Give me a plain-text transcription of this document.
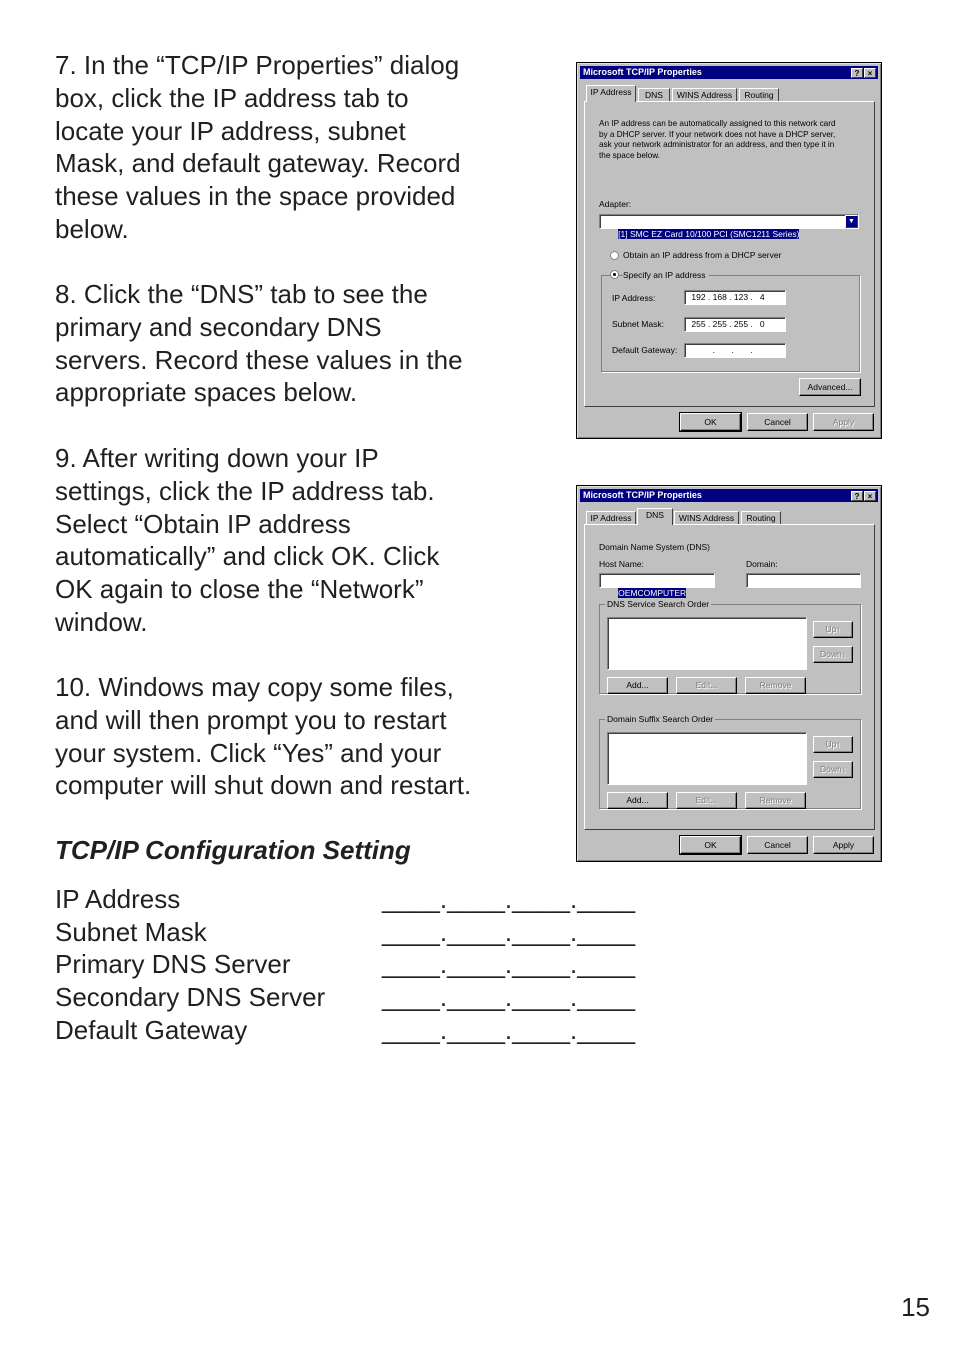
7. In the “TCP/IP Properties” dialog
box, click the IP address tab to
locate your IP address, subnet
Mask, and default gateway. Record
these values in the space provided
below.

8. Click the “DNS” tab to see the
primary and secondary DNS
servers. Record these values in the
appropriate spaces below.

9. After writing down your IP
settings, click the IP address tab.
Select “Obtain IP address
automatically” and click OK. Click
OK again to close the “Network”
window.

10. Windows may copy some files,
and will then prompt you to restart
your system. Click “Yes” and your
computer will shut down and restart.

TCP/IP Configuration Setting
IP Address	____.____.____.____
Subnet Mask	____.____.____.____
Primary DNS Server	____.____.____.____
Secondary DNS Server ____.____.____.____
Default Gateway	____.____.____.____
15
Microsoft TCP/IP Properties	?	×
IP Address	DNS	WINS Address	Routing
An IP address can be automatically assigned to this network card
by a DHCP server. If your network does not have a DHCP server,
ask your network administrator for an address, and then type it in
the space below.
Adapter:

[1] SMC EZ Card 10/100 PCI (SMC1211 Series)

▼

Obtain an IP address from a DHCP server
Specify an IP address
IP Address:	192 . 168 . 123 .   4
Subnet Mask:	255 . 255 . 255 .   0
Default Gateway:	.       .       .
Advanced...
OK	Cancel	Apply
Microsoft TCP/IP Properties	?	×
IP Address	DNS	WINS Address	Routing
Domain Name System (DNS)
Host Name:

OEMCOMPUTER

Domain:
DNS Service Search Order
Up↑
Down↓
Add...	Edit...	Remove
Domain Suffix Search Order
Up↑
Down↓
Add...	Edit...	Remove
OK	Cancel	Apply
